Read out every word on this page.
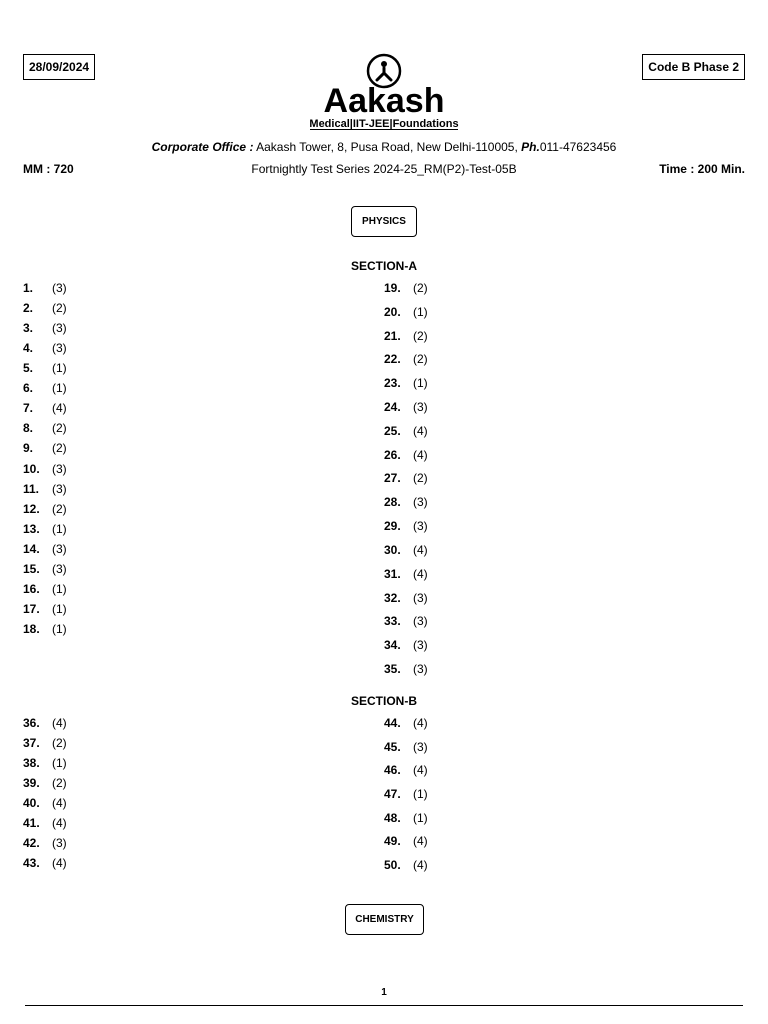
28/09/2024	Code B Phase 2
Aakash
Medical|IIT-JEE|Foundations
Corporate Office : Aakash Tower, 8, Pusa Road, New Delhi-110005, Ph.011-47623456
MM : 720	Fortnightly Test Series 2024-25_RM(P2)-Test-05B	Time : 200 Min.
PHYSICS
SECTION-A
1. (3)
2. (2)
3. (3)
4. (3)
5. (1)
6. (1)
7. (4)
8. (2)
9. (2)
10. (3)
11. (3)
12. (2)
13. (1)
14. (3)
15. (3)
16. (1)
17. (1)
18. (1)
19. (2)
20. (1)
21. (2)
22. (2)
23. (1)
24. (3)
25. (4)
26. (4)
27. (2)
28. (3)
29. (3)
30. (4)
31. (4)
32. (3)
33. (3)
34. (3)
35. (3)
SECTION-B
36. (4)
37. (2)
38. (1)
39. (2)
40. (4)
41. (4)
42. (3)
43. (4)
44. (4)
45. (3)
46. (4)
47. (1)
48. (1)
49. (4)
50. (4)
CHEMISTRY
1
